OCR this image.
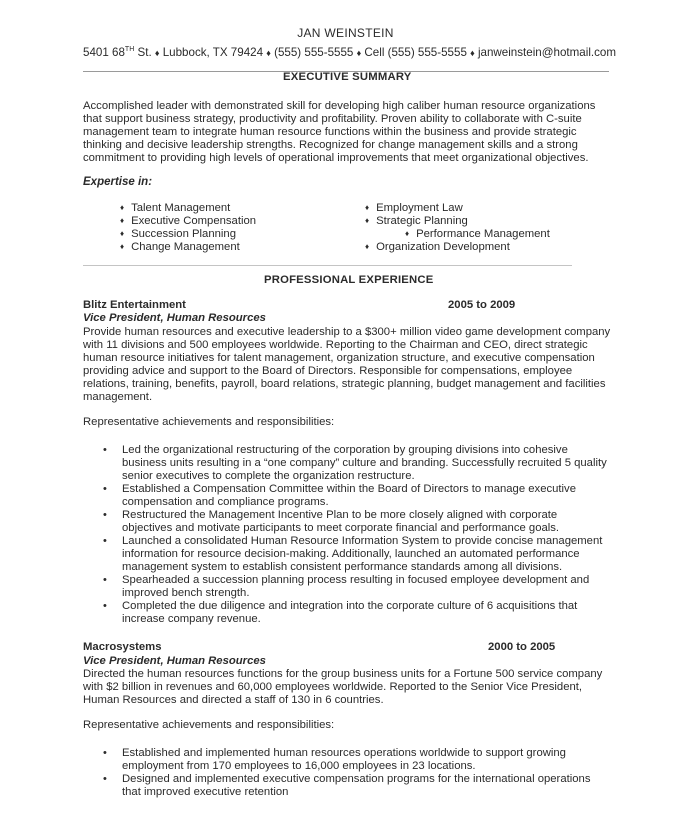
JAN WEINSTEIN
5401 68TH St. ♦ Lubbock, TX 79424 ♦ (555) 555-5555 ♦ Cell (555) 555-5555 ♦ janweinstein@hotmail.com
EXECUTIVE SUMMARY
Accomplished leader with demonstrated skill for developing high caliber human resource organizations
that support business strategy, productivity and profitability. Proven ability to collaborate with C-suite
management team to integrate human resource functions within the business and provide strategic
thinking and decisive leadership strengths. Recognized for change management skills and a strong
commitment to providing high levels of operational improvements that meet organizational objectives.
Expertise in:
♦ Talent Management
♦ Executive Compensation
♦ Succession Planning
♦ Change Management
♦ Employment Law
♦ Strategic Planning
♦ Performance Management
♦ Organization Development
PROFESSIONAL EXPERIENCE
Blitz Entertainment	2005 to 2009
Vice President, Human Resources
Provide human resources and executive leadership to a $300+ million video game development company
with 11 divisions and 500 employees worldwide. Reporting to the Chairman and CEO, direct strategic
human resource initiatives for talent management, organization structure, and executive compensation
providing advice and support to the Board of Directors. Responsible for compensations, employee
relations, training, benefits, payroll, board relations, strategic planning, budget management and facilities
management.
Representative achievements and responsibilities:
• Led the organizational restructuring of the corporation by grouping divisions into cohesive
business units resulting in a “one company” culture and branding. Successfully recruited 5 quality
senior executives to complete the organization restructure.
• Established a Compensation Committee within the Board of Directors to manage executive
compensation and compliance programs.
• Restructured the Management Incentive Plan to be more closely aligned with corporate
objectives and motivate participants to meet corporate financial and performance goals.
• Launched a consolidated Human Resource Information System to provide concise management
information for resource decision-making. Additionally, launched an automated performance
management system to establish consistent performance standards among all divisions.
• Spearheaded a succession planning process resulting in focused employee development and
improved bench strength.
• Completed the due diligence and integration into the corporate culture of 6 acquisitions that
increase company revenue.
Macrosystems	2000 to 2005
Vice President, Human Resources
Directed the human resources functions for the group business units for a Fortune 500 service company
with $2 billion in revenues and 60,000 employees worldwide. Reported to the Senior Vice President,
Human Resources and directed a staff of 130 in 6 countries.
Representative achievements and responsibilities:
• Established and implemented human resources operations worldwide to support growing
employment from 170 employees to 16,000 employees in 23 locations.
• Designed and implemented executive compensation programs for the international operations
that improved executive retention
